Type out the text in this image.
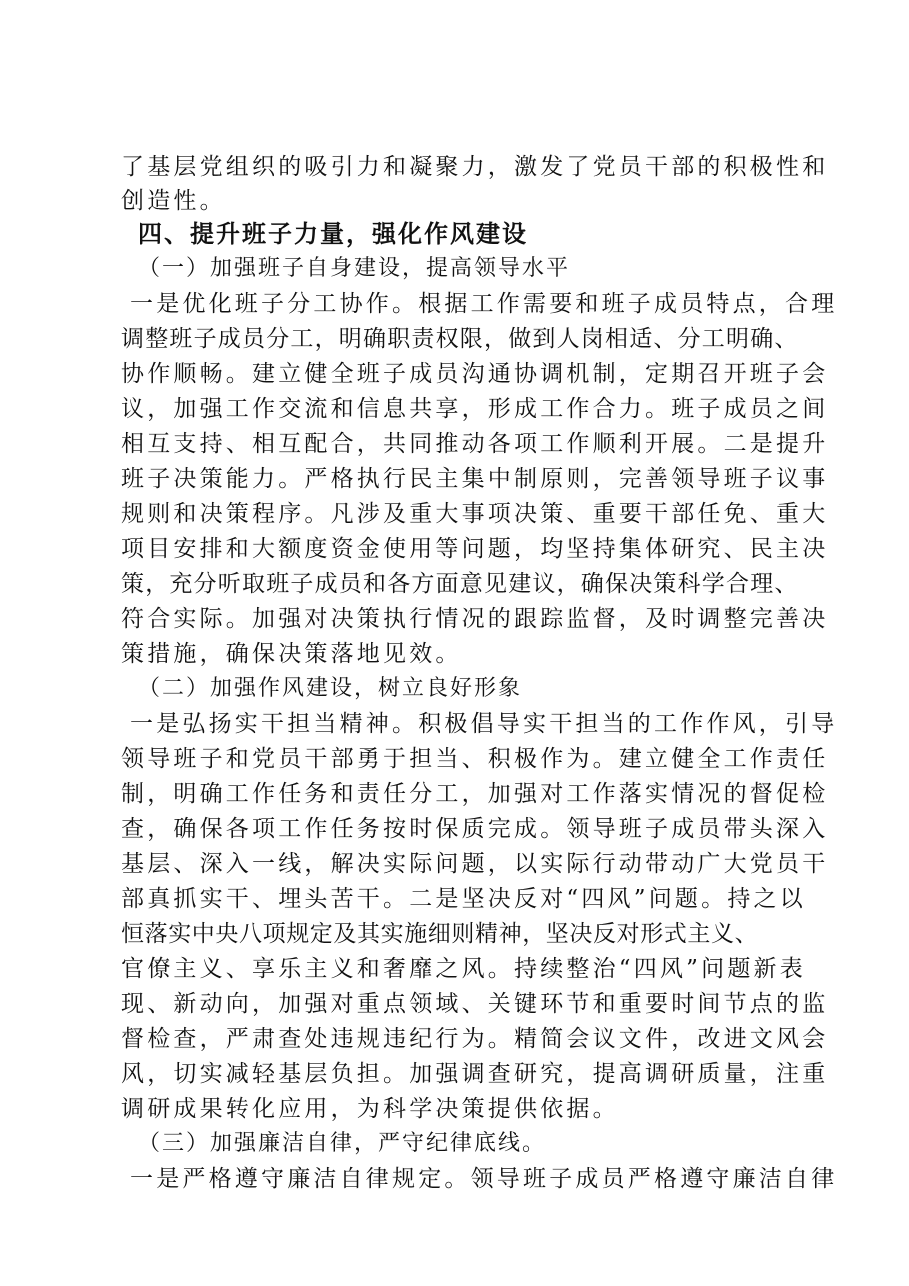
了基层党组织的吸引力和凝聚力，激发了党员干部的积极性和
创造性。
四、提升班子力量，强化作风建设
（一）加强班子自身建设，提高领导水平
一是优化班子分工协作。根据工作需要和班子成员特点，合理
调整班子成员分工，明确职责权限，做到人岗相适、分工明确、
协作顺畅。建立健全班子成员沟通协调机制，定期召开班子会
议，加强工作交流和信息共享，形成工作合力。班子成员之间
相互支持、相互配合，共同推动各项工作顺利开展。二是提升
班子决策能力。严格执行民主集中制原则，完善领导班子议事
规则和决策程序。凡涉及重大事项决策、重要干部任免、重大
项目安排和大额度资金使用等问题，均坚持集体研究、民主决
策，充分听取班子成员和各方面意见建议，确保决策科学合理、
符合实际。加强对决策执行情况的跟踪监督，及时调整完善决
策措施，确保决策落地见效。
（二）加强作风建设，树立良好形象
一是弘扬实干担当精神。积极倡导实干担当的工作作风，引导
领导班子和党员干部勇于担当、积极作为。建立健全工作责任
制，明确工作任务和责任分工，加强对工作落实情况的督促检
查，确保各项工作任务按时保质完成。领导班子成员带头深入
基层、深入一线，解决实际问题，以实际行动带动广大党员干
部真抓实干、埋头苦干。二是坚决反对“四风”问题。持之以
恒落实中央八项规定及其实施细则精神，坚决反对形式主义、
官僚主义、享乐主义和奢靡之风。持续整治“四风”问题新表
现、新动向，加强对重点领域、关键环节和重要时间节点的监
督检查，严肃查处违规违纪行为。精简会议文件，改进文风会
风，切实减轻基层负担。加强调查研究，提高调研质量，注重
调研成果转化应用，为科学决策提供依据。
（三）加强廉洁自律，严守纪律底线。
一是严格遵守廉洁自律规定。领导班子成员严格遵守廉洁自律
